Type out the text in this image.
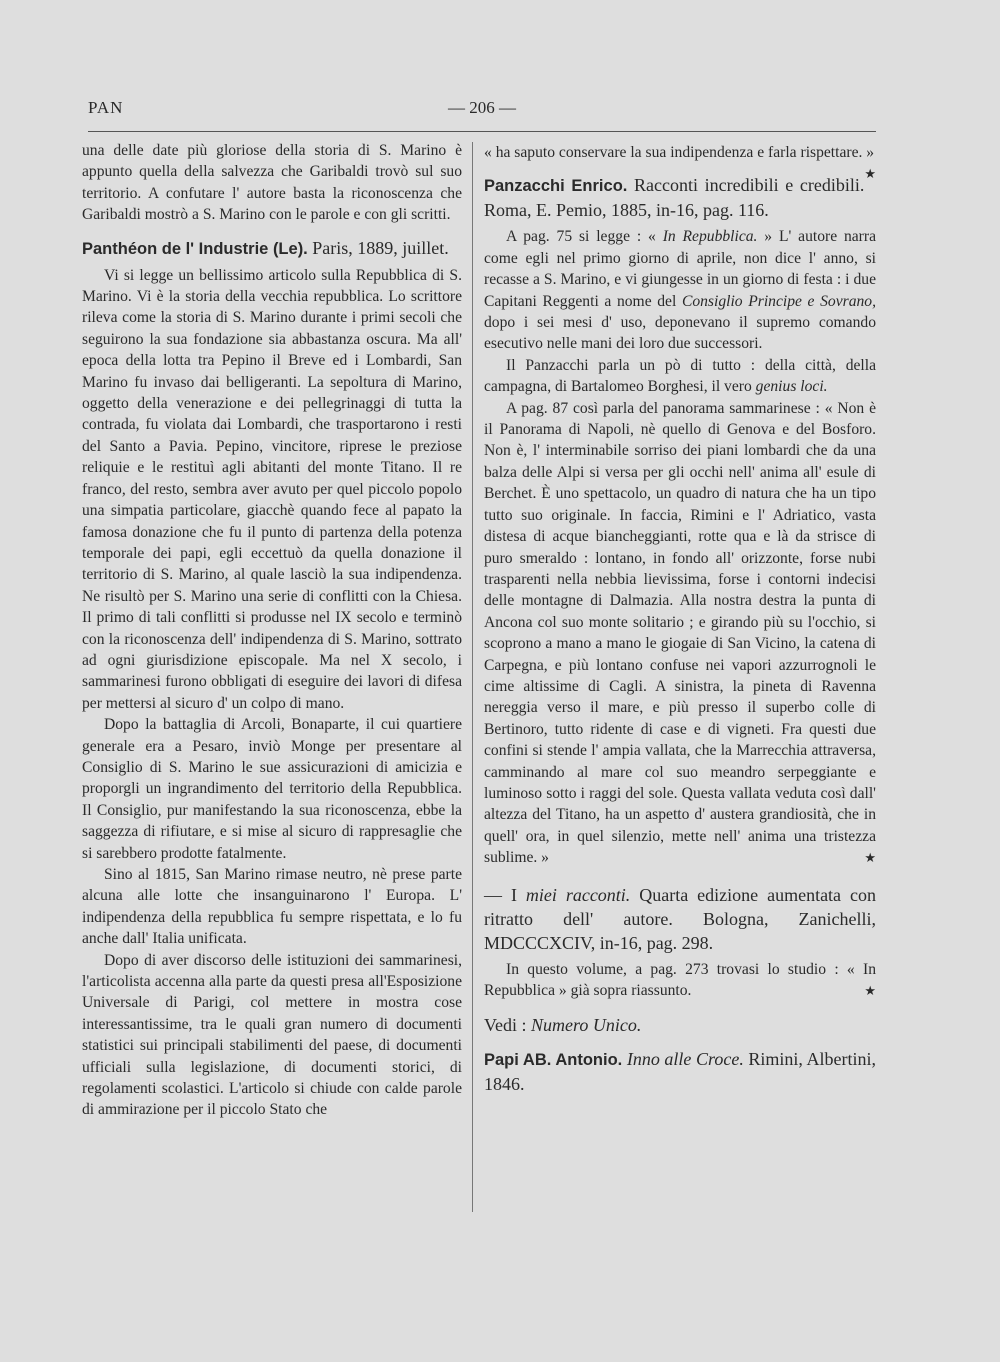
PAN	— 206 —

una delle date più gloriose della storia di S. Marino è appunto quella della salvezza che Garibaldi trovò sul suo territorio. A confutare l' autore basta la riconoscenza che Garibaldi mostrò a S. Marino con le parole e con gli scritti.

Panthéon de l' Industrie (Le). Paris, 1889, juillet.

Vi si legge un bellissimo articolo sulla Repubblica di S. Marino. Vi è la storia della vecchia repubblica. Lo scrittore rileva come la storia di S. Marino durante i primi secoli che seguirono la sua fondazione sia abbastanza oscura. Ma all' epoca della lotta tra Pepino il Breve ed i Lombardi, San Marino fu invaso dai belligeranti. La sepoltura di Marino, oggetto della venerazione e dei pellegrinaggi di tutta la contrada, fu violata dai Lombardi, che trasportarono i resti del Santo a Pavia. Pepino, vincitore, riprese le preziose reliquie e le restituì agli abitanti del monte Titano. Il re franco, del resto, sembra aver avuto per quel piccolo popolo una simpatia particolare, giacchè quando fece al papato la famosa donazione che fu il punto di partenza della potenza temporale dei papi, egli eccettuò da quella donazione il territorio di S. Marino, al quale lasciò la sua indipendenza. Ne risultò per S. Marino una serie di conflitti con la Chiesa. Il primo di tali conflitti si produsse nel IX secolo e terminò con la riconoscenza dell' indipendenza di S. Marino, sottrato ad ogni giurisdizione episcopale. Ma nel X secolo, i sammarinesi furono obbligati di eseguire dei lavori di difesa per mettersi al sicuro d' un colpo di mano.

Dopo la battaglia di Arcoli, Bonaparte, il cui quartiere generale era a Pesaro, inviò Monge per presentare al Consiglio di S. Marino le sue assicurazioni di amicizia e proporgli un ingrandimento del territorio della Repubblica. Il Consiglio, pur manifestando la sua riconoscenza, ebbe la saggezza di rifiutare, e si mise al sicuro di rappresaglie che si sarebbero prodotte fatalmente.

Sino al 1815, San Marino rimase neutro, nè prese parte alcuna alle lotte che insanguinarono l' Europa. L' indipendenza della repubblica fu sempre rispettata, e lo fu anche dall' Italia unificata.

Dopo di aver discorso delle istituzioni dei sammarinesi, l'articolista accenna alla parte da questi presa all'Esposizione Universale di Parigi, col mettere in mostra cose interessantissime, tra le quali gran numero di documenti statistici sui principali stabilimenti del paese, di documenti ufficiali sulla legislazione, di documenti storici, di regolamenti scolastici. L'articolo si chiude con calde parole di ammirazione per il piccolo Stato che

« ha saputo conservare la sua indipendenza e farla rispettare. »
★

Panzacchi Enrico. Racconti incredibili e credibili. Roma, E. Pemio, 1885, in-16, pag. 116.

A pag. 75 si legge : « In Repubblica. » L' autore narra come egli nel primo giorno di aprile, non dice l' anno, si recasse a S. Marino, e vi giungesse in un giorno di festa : i due Capitani Reggenti a nome del Consiglio Principe e Sovrano, dopo i sei mesi d' uso, deponevano il supremo comando esecutivo nelle mani dei loro due successori.

Il Panzacchi parla un pò di tutto : della città, della campagna, di Bartalomeo Borghesi, il vero genius loci.

A pag. 87 così parla del panorama sammarinese : « Non è il Panorama di Napoli, nè quello di Genova e del Bosforo. Non è, l' interminabile sorriso dei piani lombardi che da una balza delle Alpi si versa per gli occhi nell' anima all' esule di Berchet. È uno spettacolo, un quadro di natura che ha un tipo tutto suo originale. In faccia, Rimini e l' Adriatico, vasta distesa di acque biancheggianti, rotte qua e là da strisce di puro smeraldo : lontano, in fondo all' orizzonte, forse nubi trasparenti nella nebbia lievissima, forse i contorni indecisi delle montagne di Dalmazia. Alla nostra destra la punta di Ancona col suo monte solitario ; e girando più su l'occhio, si scoprono a mano a mano le giogaie di San Vicino, la catena di Carpegna, e più lontano confuse nei vapori azzurrognoli le cime altissime di Cagli. A sinistra, la pineta di Ravenna nereggia verso il mare, e più presso il superbo colle di Bertinoro, tutto ridente di case e di vigneti. Fra questi due confini si stende l' ampia vallata, che la Marrecchia attraversa, camminando al mare col suo meandro serpeggiante e luminoso sotto i raggi del sole. Questa vallata veduta così dall' altezza del Titano, ha un aspetto d' austera grandiosità, che in quell' ora, in quel silenzio, mette nell' anima una tristezza sublime. »	★

— I miei racconti. Quarta edizione aumentata con ritratto dell' autore. Bologna, Zanichelli, MDCCCXCIV, in-16, pag. 298.

In questo volume, a pag. 273 trovasi lo studio : « In Repubblica » già sopra riassunto.	★

Vedi : Numero Unico.

Papi AB. Antonio. Inno alle Croce. Rimini, Albertini, 1846.
